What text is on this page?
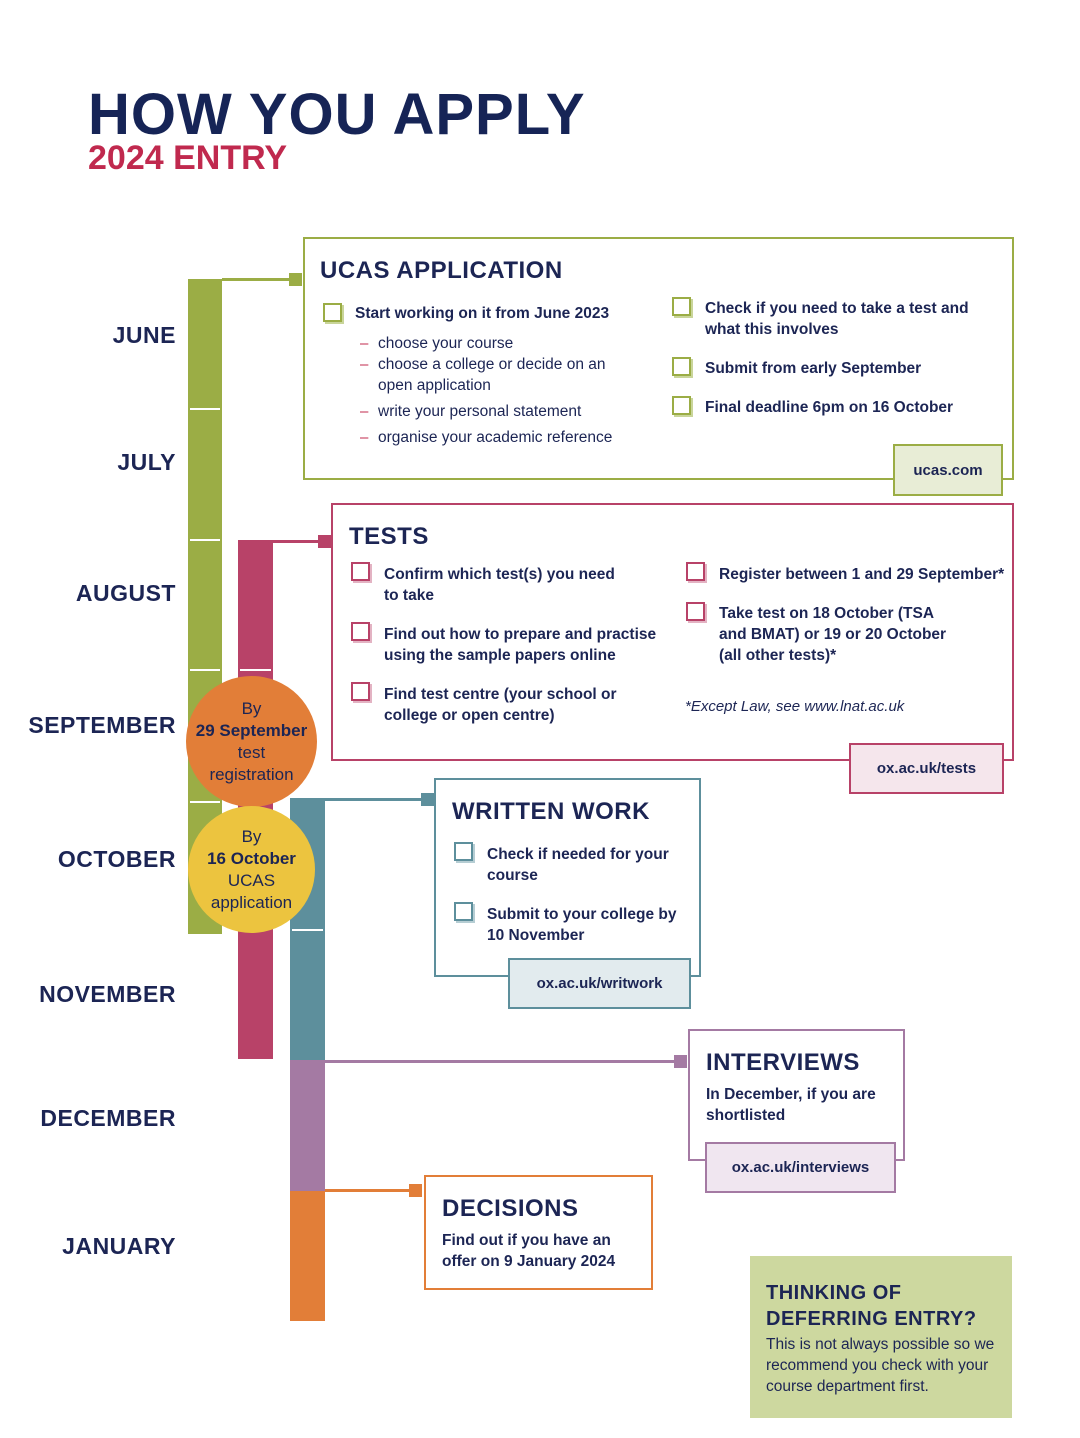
HOW YOU APPLY
2024 ENTRY
JUNE
JULY
AUGUST
SEPTEMBER
OCTOBER
NOVEMBER
DECEMBER
JANUARY
UCAS APPLICATION
Start working on it from June 2023
– choose your course
– choose a college or decide on an open application
– write your personal statement
– organise your academic reference
Check if you need to take a test and what this involves
Submit from early September
Final deadline 6pm on 16 October
ucas.com
TESTS
Confirm which test(s) you need to take
Find out how to prepare and practise using the sample papers online
Find test centre (your school or college or open centre)
Register between 1 and 29 September*
Take test on 18 October (TSA and BMAT) or 19 or 20 October (all other tests)*
*Except Law, see www.lnat.ac.uk
ox.ac.uk/tests
WRITTEN WORK
Check if needed for your course
Submit to your college by 10 November
ox.ac.uk/writwork
INTERVIEWS
In December, if you are shortlisted
ox.ac.uk/interviews
DECISIONS
Find out if you have an offer on 9 January 2024
By
29 September
test
registration
By
16 October
UCAS
application
THINKING OF
DEFERRING ENTRY?
This is not always possible so we recommend you check with your course department first.
